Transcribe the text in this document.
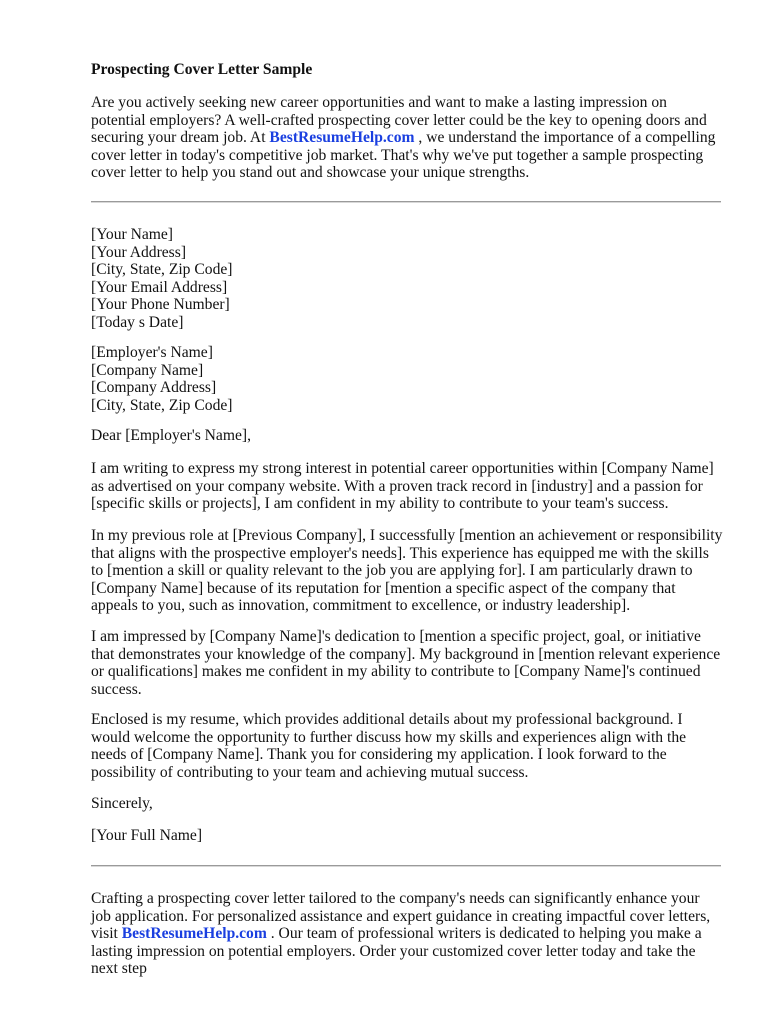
Prospecting Cover Letter Sample

Are you actively seeking new career opportunities and want to make a lasting impression on potential employers? A well-crafted prospecting cover letter could be the key to opening doors and securing your dream job. At BestResumeHelp.com , we understand the importance of a compelling cover letter in today's competitive job market. That's why we've put together a sample prospecting cover letter to help you stand out and showcase your unique strengths.

[Your Name]
[Your Address]
[City, State, Zip Code]
[Your Email Address]
[Your Phone Number]
[Today s Date]
[Employer's Name]
[Company Name]
[Company Address]
[City, State, Zip Code]

Dear [Employer's Name],

I am writing to express my strong interest in potential career opportunities within [Company Name] as advertised on your company website. With a proven track record in [industry] and a passion for [specific skills or projects], I am confident in my ability to contribute to your team's success.

In my previous role at [Previous Company], I successfully [mention an achievement or responsibility that aligns with the prospective employer's needs]. This experience has equipped me with the skills to [mention a skill or quality relevant to the job you are applying for]. I am particularly drawn to [Company Name] because of its reputation for [mention a specific aspect of the company that appeals to you, such as innovation, commitment to excellence, or industry leadership].

I am impressed by [Company Name]'s dedication to [mention a specific project, goal, or initiative that demonstrates your knowledge of the company]. My background in [mention relevant experience or qualifications] makes me confident in my ability to contribute to [Company Name]'s continued success.

Enclosed is my resume, which provides additional details about my professional background. I would welcome the opportunity to further discuss how my skills and experiences align with the needs of [Company Name]. Thank you for considering my application. I look forward to the possibility of contributing to your team and achieving mutual success.

Sincerely,

[Your Full Name]

Crafting a prospecting cover letter tailored to the company's needs can significantly enhance your job application. For personalized assistance and expert guidance in creating impactful cover letters, visit BestResumeHelp.com . Our team of professional writers is dedicated to helping you make a lasting impression on potential employers. Order your customized cover letter today and take the next step
